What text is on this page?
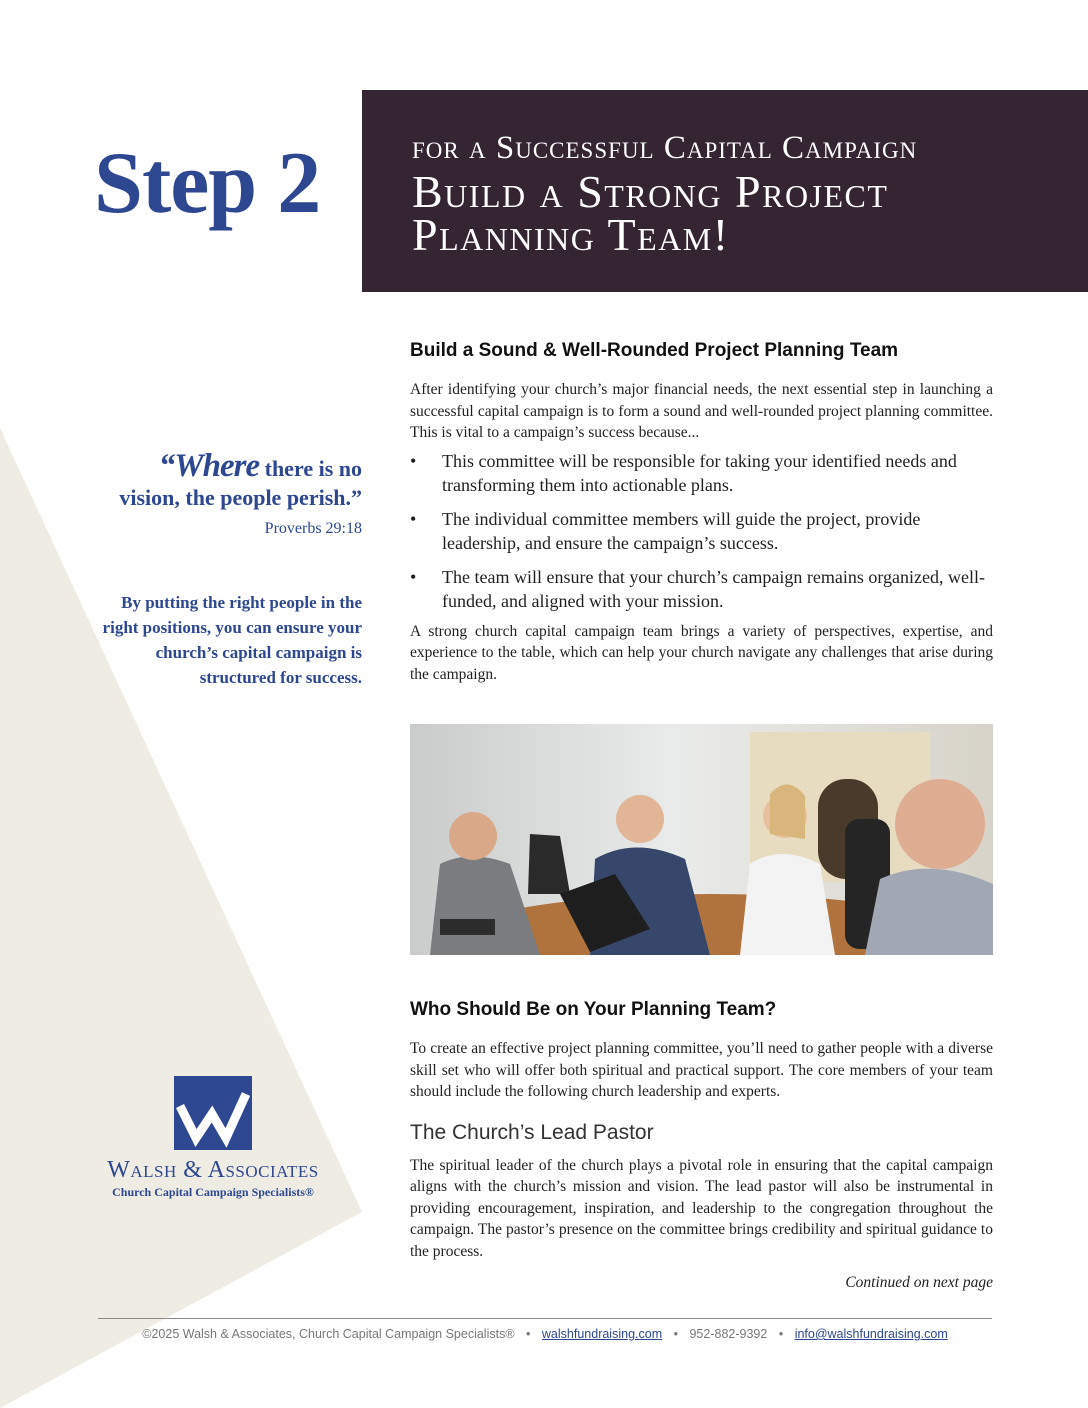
Step 2	for a Successful Capital Campaign
Build a Strong Project Planning Team!

“Where there is no vision, the people perish.”

Proverbs 29:18

By putting the right people in the right positions, you can ensure your church’s capital campaign is structured for success.

Walsh & Associates
Church Capital Campaign Specialists®
Build a Sound & Well-Rounded Project Planning Team

After identifying your church’s major financial needs, the next essential step in launching a successful capital campaign is to form a sound and well-rounded project planning committee. This is vital to a campaign’s success because...

• This committee will be responsible for taking your identified needs and transforming them into actionable plans.
• The individual committee members will guide the project, provide leadership, and ensure the campaign’s success.
• The team will ensure that your church’s campaign remains organized, well-funded, and aligned with your mission.

A strong church capital campaign team brings a variety of perspectives, expertise, and experience to the table, which can help your church navigate any challenges that arise during the campaign.

Who Should Be on Your Planning Team?

To create an effective project planning committee, you’ll need to gather people with a diverse skill set who will offer both spiritual and practical support. The core members of your team should include the following church leadership and experts.

The Church’s Lead Pastor

The spiritual leader of the church plays a pivotal role in ensuring that the capital campaign aligns with the church’s mission and vision. The lead pastor will also be instrumental in providing encouragement, inspiration, and leadership to the congregation throughout the campaign. The pastor’s presence on the committee brings credibility and spiritual guidance to the process.

Continued on next page
©2025 Walsh & Associates, Church Capital Campaign Specialists® • walshfundraising.com • 952-882-9392 • info@walshfundraising.com
